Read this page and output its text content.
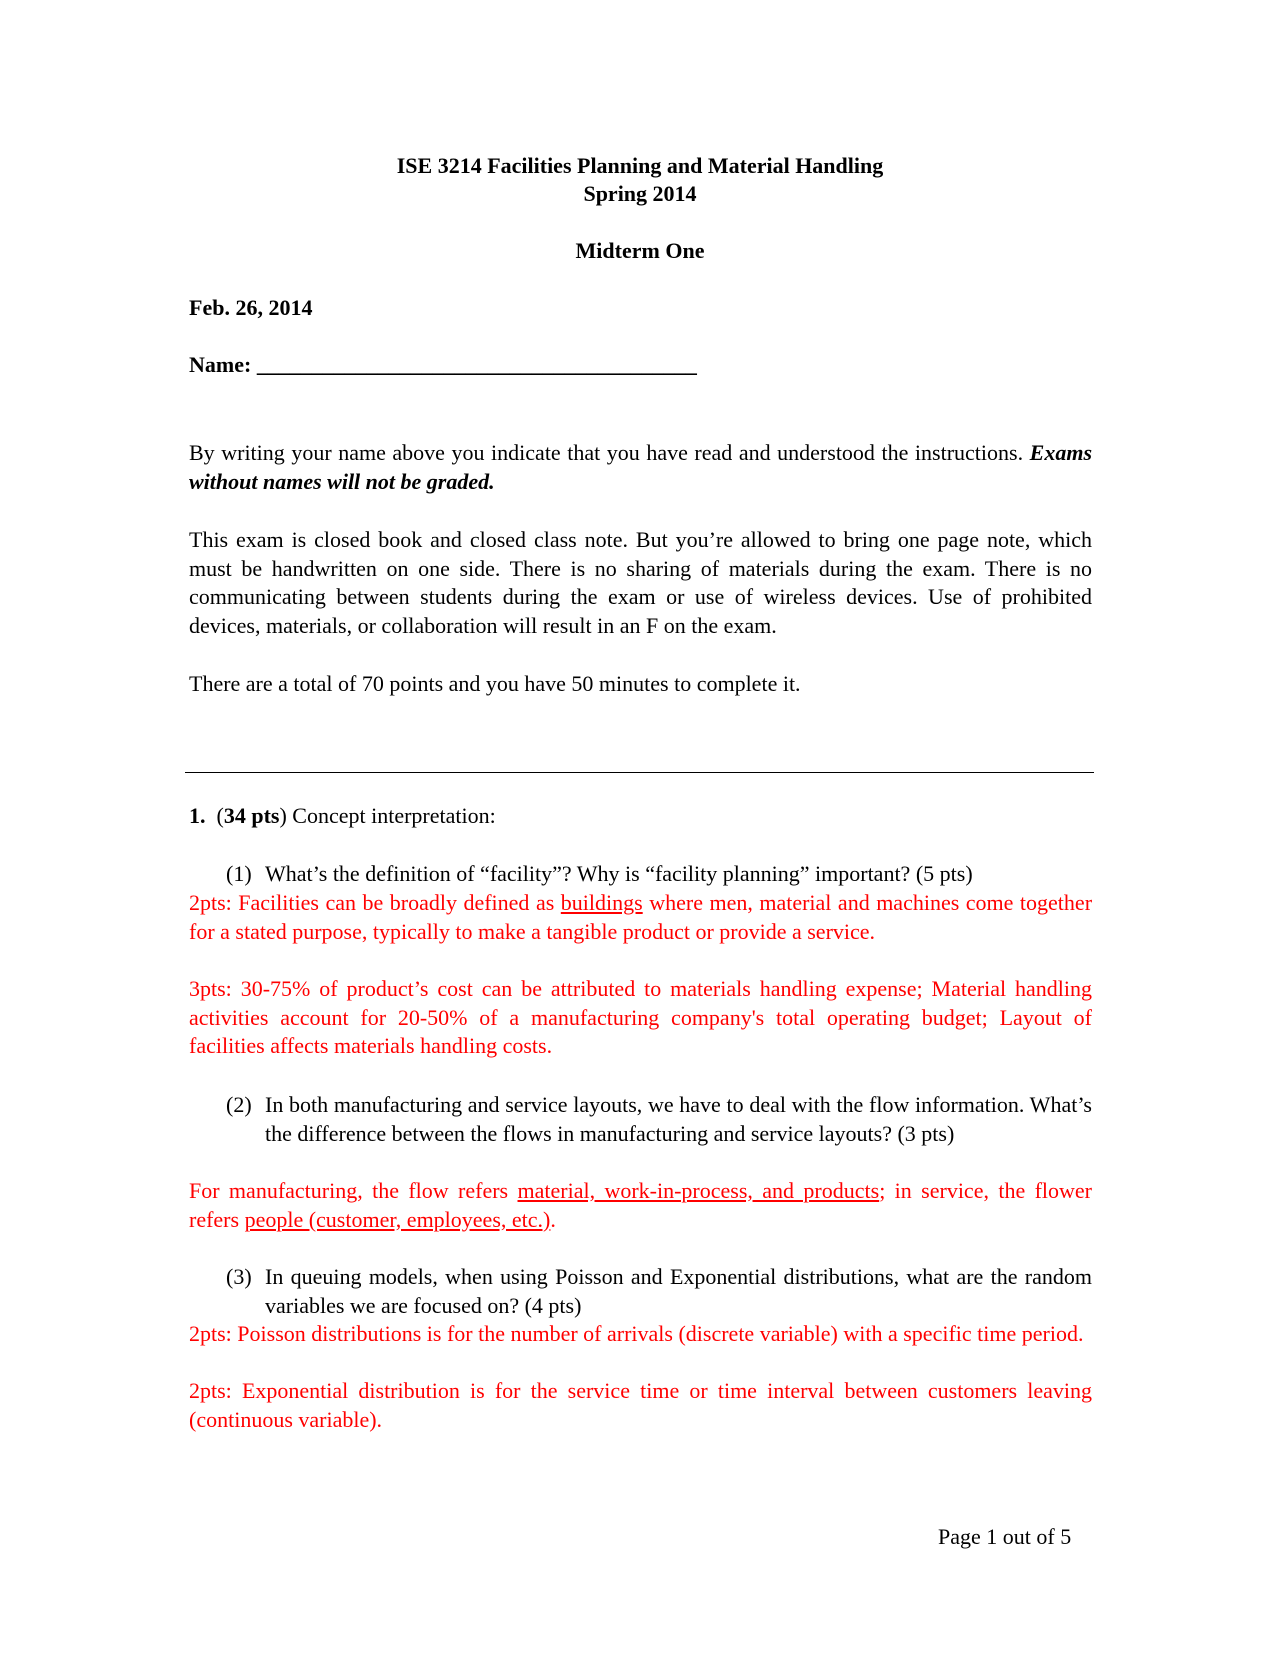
ISE 3214 Facilities Planning and Material Handling
Spring 2014
Midterm One
Feb. 26, 2014
Name: ________________________________________
By writing your name above you indicate that you have read and understood the instructions. Exams without names will not be graded.
This exam is closed book and closed class note. But you’re allowed to bring one page note, which must be handwritten on one side. There is no sharing of materials during the exam. There is no communicating between students during the exam or use of wireless devices. Use of prohibited devices, materials, or collaboration will result in an F on the exam.
There are a total of 70 points and you have 50 minutes to complete it.
1. (34 pts) Concept interpretation:
(1) What’s the definition of “facility”? Why is “facility planning” important? (5 pts)
2pts: Facilities can be broadly defined as buildings where men, material and machines come together for a stated purpose, typically to make a tangible product or provide a service.
3pts: 30-75% of product’s cost can be attributed to materials handling expense; Material handling activities account for 20-50% of a manufacturing company's total operating budget; Layout of facilities affects materials handling costs.
(2) In both manufacturing and service layouts, we have to deal with the flow information. What’s the difference between the flows in manufacturing and service layouts? (3 pts)
For manufacturing, the flow refers material, work-in-process, and products; in service, the flower refers people (customer, employees, etc.).
(3) In queuing models, when using Poisson and Exponential distributions, what are the random variables we are focused on? (4 pts)
2pts: Poisson distributions is for the number of arrivals (discrete variable) with a specific time period.
2pts: Exponential distribution is for the service time or time interval between customers leaving (continuous variable).
Page 1 out of 5
